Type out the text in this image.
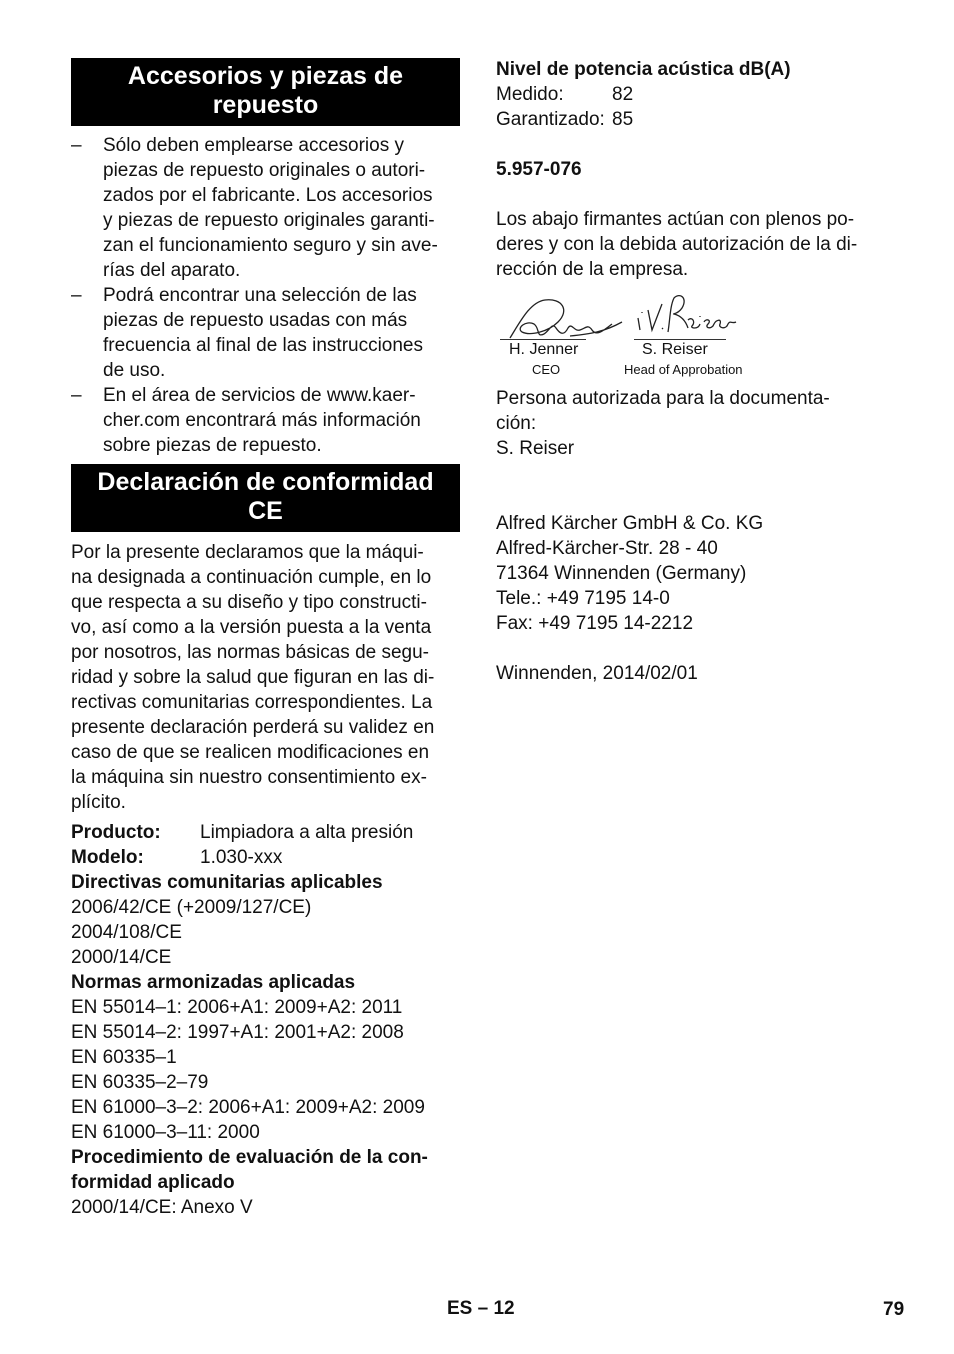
Accesorios y piezas de repuesto
– Sólo deben emplearse accesorios y
piezas de repuesto originales o autori-
zados por el fabricante. Los accesorios
y piezas de repuesto originales garanti-
zan el funcionamiento seguro y sin ave-
rías del aparato.
– Podrá encontrar una selección de las
piezas de repuesto usadas con más
frecuencia al final de las instrucciones
de uso.
– En el área de servicios de www.kaer-
cher.com encontrará más información
sobre piezas de repuesto.
Declaración de conformidad CE

Por la presente declaramos que la máqui-

na designada a continuación cumple, en lo

que respecta a su diseño y tipo constructi-

vo, así como a la versión puesta a la venta

por nosotros, las normas básicas de segu-

ridad y sobre la salud que figuran en las di-

rectivas comunitarias correspondientes. La

presente declaración perderá su validez en

caso de que se realicen modificaciones en

la máquina sin nuestro consentimiento ex-

plícito.

Producto:	Limpiadora a alta presión
Modelo:	1.030-xxx
Directivas comunitarias aplicables
2006/42/CE (+2009/127/CE)
2004/108/CE
2000/14/CE
Normas armonizadas aplicadas
EN 55014–1: 2006+A1: 2009+A2: 2011
EN 55014–2: 1997+A1: 2001+A2: 2008
EN 60335–1
EN 60335–2–79
EN 61000–3–2: 2006+A1: 2009+A2: 2009
EN 61000–3–11: 2000
Procedimiento de evaluación de la con-
formidad aplicado
2000/14/CE: Anexo V
Nivel de potencia acústica dB(A)
Medido:	82
Garantizado: 85
5.957-076

Los abajo firmantes actúan con plenos po-

deres y con la debida autorización de la di-

rección de la empresa.

H. Jenner
CEO
S. Reiser
Head of Approbation

Persona autorizada para la documenta-

ción:

S. Reiser

Alfred Kärcher GmbH & Co. KG
Alfred-Kärcher-Str. 28 - 40
71364 Winnenden (Germany)
Tele.: +49 7195 14-0
Fax: +49 7195 14-2212
Winnenden, 2014/02/01
ES – 12	79
